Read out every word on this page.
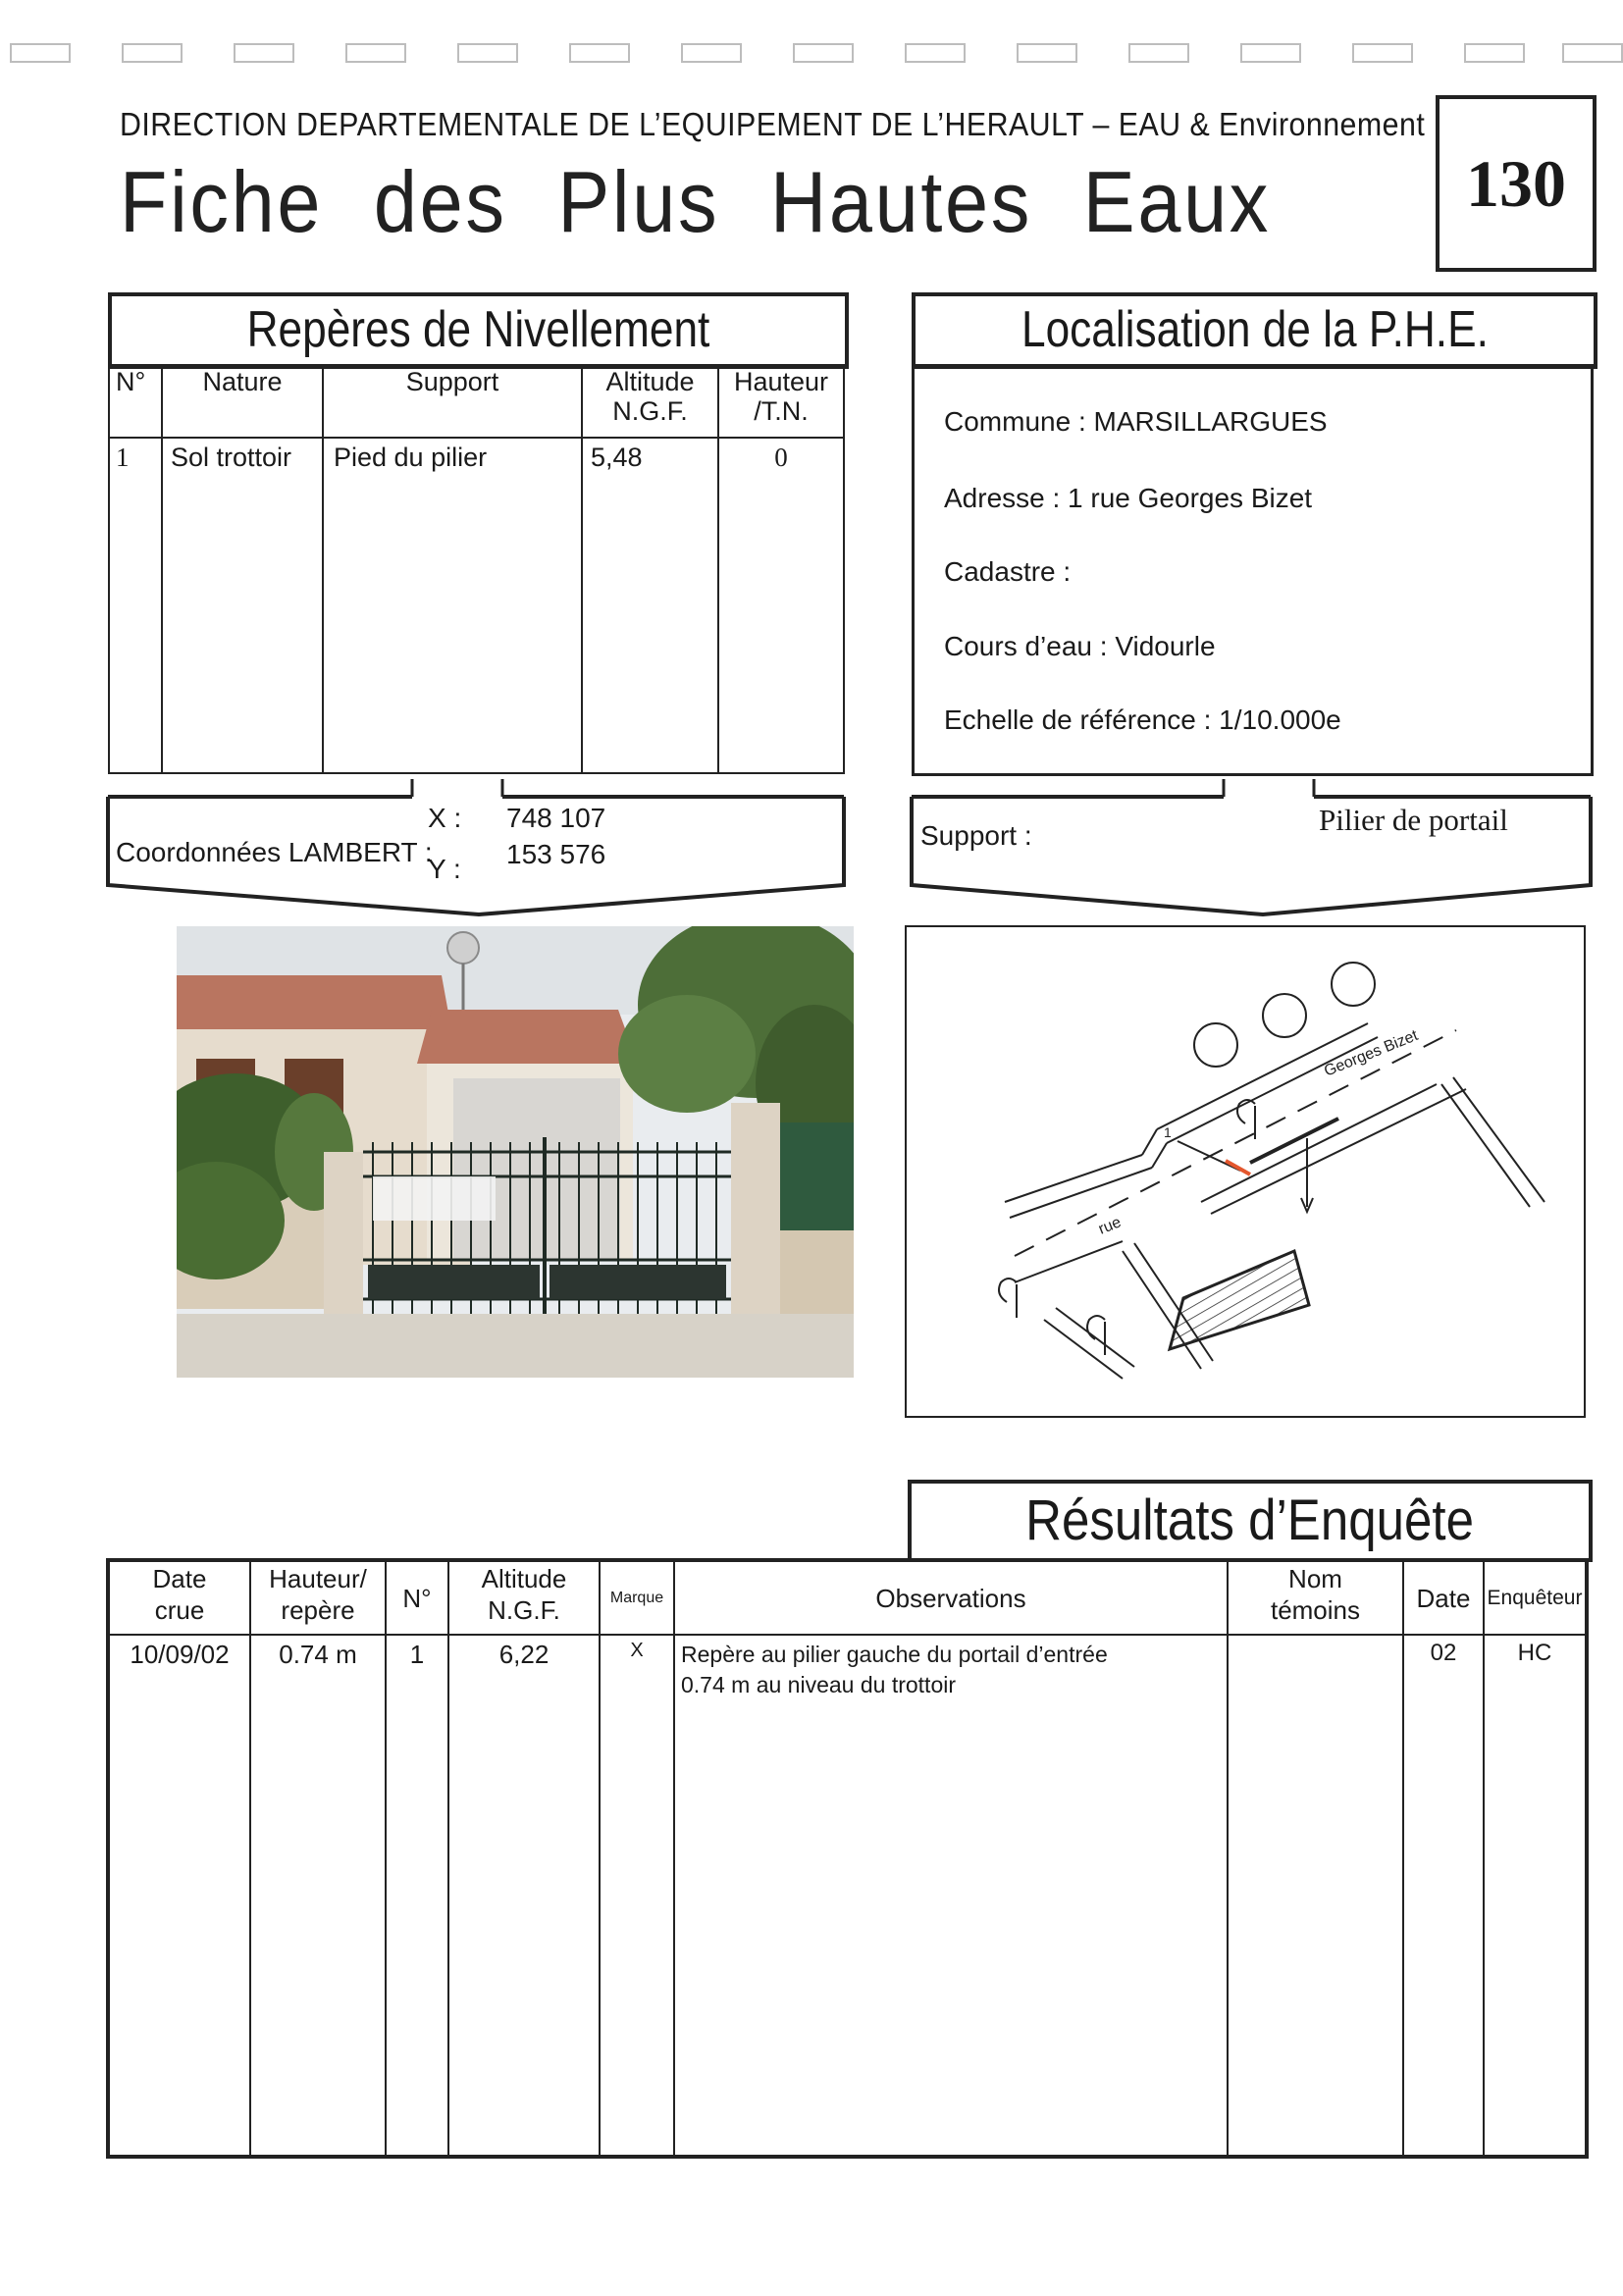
DIRECTION DEPARTEMENTALE DE L’EQUIPEMENT DE L’HERAULT – EAU & Environnement
Fiche des Plus Hautes Eaux	130
Repères de Nivellement
N°	Nature	Support	Altitude N.G.F.	Hauteur /T.N.
1	Sol trottoir	Pied du pilier	5,48	0
Coordonnées LAMBERT :
X : 748 107
Y : 153 576
Localisation de la P.H.E.
Commune : MARSILLARGUES
Adresse : 1 rue Georges Bizet
Cadastre :
Cours d’eau : Vidourle
Echelle de référence : 1/10.000e
Support :	Pilier de portail
Georges Bizet
rue
1
Résultats d’Enquête
Date crue	Hauteur/ repère	N°	Altitude N.G.F.	Marque	Observations	Nom témoins	Date	Enquêteur
10/09/02	0.74 m	1	6,22	X	Repère au pilier gauche du portail d’entrée
0.74 m au niveau du trottoir		02	HC
